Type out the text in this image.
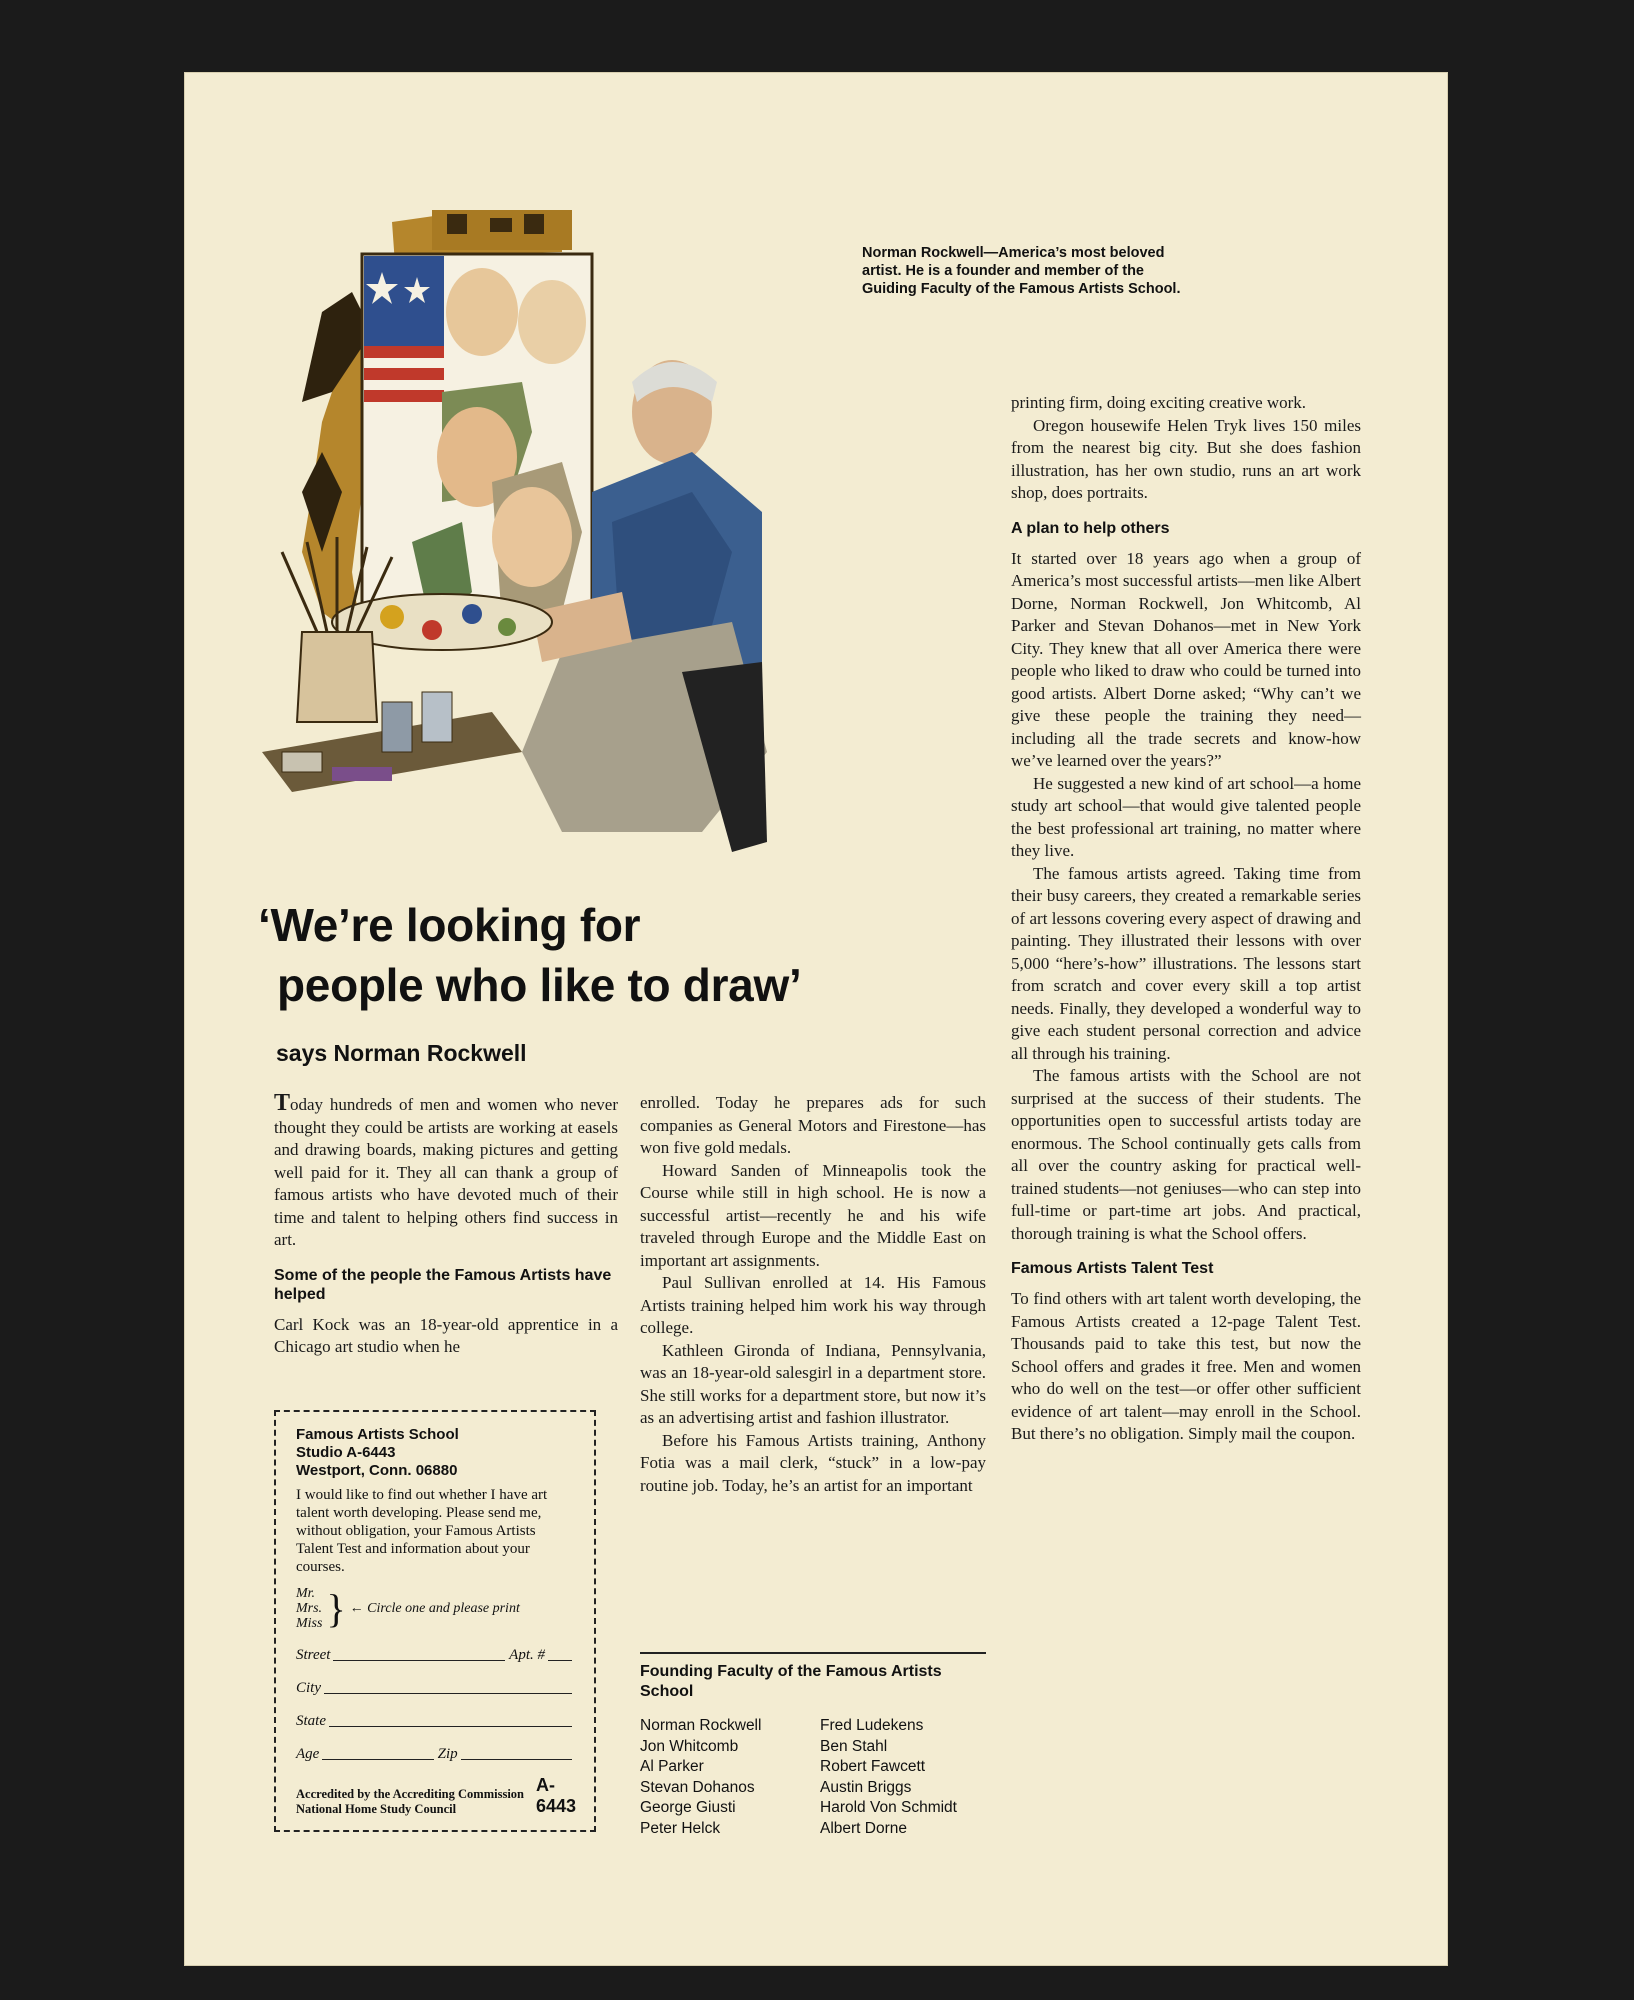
Norman Rockwell—America’s most beloved artist. He is a founder and member of the Guiding Faculty of the Famous Artists School.
‘We’re looking for
people who like to draw’
says Norman Rockwell

Today hundreds of men and women who never thought they could be artists are working at easels and drawing boards, making pictures and getting well paid for it. They all can thank a group of famous artists who have devoted much of their time and talent to helping others find success in art.

Some of the people the Famous Artists have helped

Carl Kock was an 18-year-old apprentice in a Chicago art studio when he

Famous Artists School
Studio A-6443
Westport, Conn. 06880
I would like to find out whether I have art talent worth developing. Please send me, without obligation, your Famous Artists Talent Test and information about your courses.
Mr.
Mrs.
Miss } ← Circle one and please print
Street	Apt. #
City
State
Age	Zip
Accredited by the Accrediting Commission National Home Study Council
A-6443

enrolled. Today he prepares ads for such companies as General Motors and Firestone—has won five gold medals.

Howard Sanden of Minneapolis took the Course while still in high school. He is now a successful artist—recently he and his wife traveled through Europe and the Middle East on important art assignments.

Paul Sullivan enrolled at 14. His Famous Artists training helped him work his way through college.

Kathleen Gironda of Indiana, Pennsylvania, was an 18-year-old salesgirl in a department store. She still works for a department store, but now it’s as an advertising artist and fashion illustrator.

Before his Famous Artists training, Anthony Fotia was a mail clerk, “stuck” in a low-pay routine job. Today, he’s an artist for an important

Founding Faculty of the Famous Artists School
Norman Rockwell
Jon Whitcomb
Al Parker
Stevan Dohanos
George Giusti
Peter Helck
Fred Ludekens
Ben Stahl
Robert Fawcett
Austin Briggs
Harold Von Schmidt
Albert Dorne

printing firm, doing exciting creative work.

Oregon housewife Helen Tryk lives 150 miles from the nearest big city. But she does fashion illustration, has her own studio, runs an art work shop, does portraits.

A plan to help others

It started over 18 years ago when a group of America’s most successful artists—men like Albert Dorne, Norman Rockwell, Jon Whitcomb, Al Parker and Stevan Dohanos—met in New York City. They knew that all over America there were people who liked to draw who could be turned into good artists. Albert Dorne asked; “Why can’t we give these people the training they need—including all the trade secrets and know-how we’ve learned over the years?”

He suggested a new kind of art school—a home study art school—that would give talented people the best professional art training, no matter where they live.

The famous artists agreed. Taking time from their busy careers, they created a remarkable series of art lessons covering every aspect of drawing and painting. They illustrated their lessons with over 5,000 “here’s-how” illustrations. The lessons start from scratch and cover every skill a top artist needs. Finally, they developed a wonderful way to give each student personal correction and advice all through his training.

The famous artists with the School are not surprised at the success of their students. The opportunities open to successful artists today are enormous. The School continually gets calls from all over the country asking for practical well-trained students—not geniuses—who can step into full-time or part-time art jobs. And practical, thorough training is what the School offers.

Famous Artists Talent Test

To find others with art talent worth developing, the Famous Artists created a 12-page Talent Test. Thousands paid to take this test, but now the School offers and grades it free. Men and women who do well on the test—or offer other sufficient evidence of art talent—may enroll in the School. But there’s no obligation. Simply mail the coupon.
